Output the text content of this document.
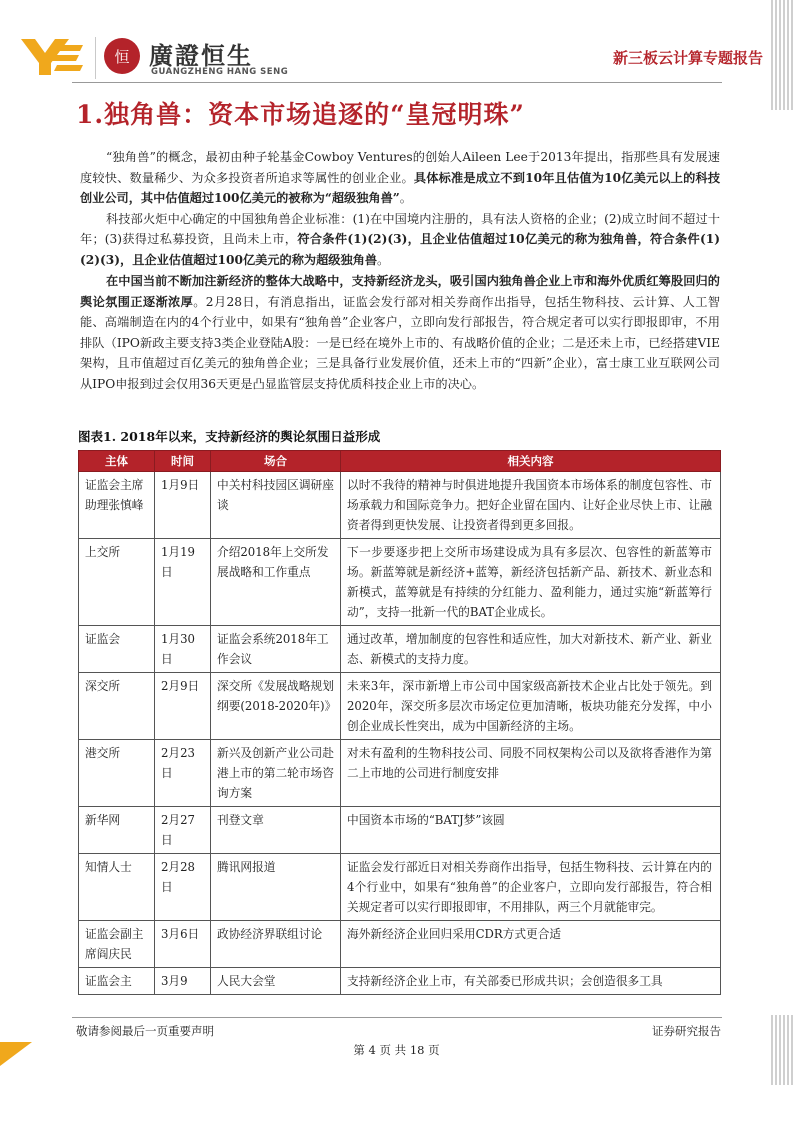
恒 廣證恒生
GUANGZHENG HANG SENG
新三板云计算专题报告
1.独角兽：资本市场追逐的“皇冠明珠”

“独角兽”的概念，最初由种子轮基金Cowboy Ventures的创始人Aileen Lee于2013年提出，指那些具有发展速度较快、数量稀少、为众多投资者所追求等属性的创业企业。具体标准是成立不到10年且估值为10亿美元以上的科技创业公司，其中估值超过100亿美元的被称为“超级独角兽”。

科技部火炬中心确定的中国独角兽企业标准：(1)在中国境内注册的，具有法人资格的企业；(2)成立时间不超过十年；(3)获得过私募投资，且尚未上市，符合条件(1)(2)(3)，且企业估值超过10亿美元的称为独角兽，符合条件(1)(2)(3)，且企业估值超过100亿美元的称为超级独角兽。

在中国当前不断加注新经济的整体大战略中，支持新经济龙头，吸引国内独角兽企业上市和海外优质红筹股回归的舆论氛围正逐渐浓厚。2月28日，有消息指出，证监会发行部对相关券商作出指导，包括生物科技、云计算、人工智能、高端制造在内的4个行业中，如果有“独角兽”企业客户，立即向发行部报告，符合规定者可以实行即报即审，不用排队（IPO新政主要支持3类企业登陆A股：一是已经在境外上市的、有战略价值的企业；二是还未上市，已经搭建VIE架构，且市值超过百亿美元的独角兽企业；三是具备行业发展价值，还未上市的“四新”企业），富士康工业互联网公司从IPO申报到过会仅用36天更是凸显监管层支持优质科技企业上市的决心。

图表1. 2018年以来，支持新经济的舆论氛围日益形成
主体	时间	场合	相关内容
证监会主席助理张慎峰	1月9日	中关村科技园区调研座谈	以时不我待的精神与时俱进地提升我国资本市场体系的制度包容性、市场承载力和国际竞争力。把好企业留在国内、让好企业尽快上市、让融资者得到更快发展、让投资者得到更多回报。
上交所	1月19日	介绍2018年上交所发展战略和工作重点	下一步要逐步把上交所市场建设成为具有多层次、包容性的新蓝筹市场。新蓝筹就是新经济+蓝筹，新经济包括新产品、新技术、新业态和新模式，蓝筹就是有持续的分红能力、盈利能力，通过实施“新蓝筹行动”，支持一批新一代的BAT企业成长。
证监会	1月30日	证监会系统2018年工作会议	通过改革，增加制度的包容性和适应性，加大对新技术、新产业、新业态、新模式的支持力度。
深交所	2月9日	深交所《发展战略规划纲要(2018-2020年)》	未来3年，深市新增上市公司中国家级高新技术企业占比处于领先。到2020年，深交所多层次市场定位更加清晰，板块功能充分发挥，中小创企业成长性突出，成为中国新经济的主场。
港交所	2月23日	新兴及创新产业公司赴港上市的第二轮市场咨询方案	对未有盈利的生物科技公司、同股不同权架构公司以及欲将香港作为第二上市地的公司进行制度安排
新华网	2月27日	刊登文章	中国资本市场的“BATJ梦”该圆
知情人士	2月28日	腾讯网报道	证监会发行部近日对相关券商作出指导，包括生物科技、云计算在内的4个行业中，如果有“独角兽”的企业客户，立即向发行部报告，符合相关规定者可以实行即报即审，不用排队，两三个月就能审完。
证监会副主席阎庆民	3月6日	政协经济界联组讨论	海外新经济企业回归采用CDR方式更合适
证监会主	3月9	人民大会堂	支持新经济企业上市，有关部委已形成共识；会创造很多工具
敬请参阅最后一页重要声明	证券研究报告
第 4 页 共 18 页
